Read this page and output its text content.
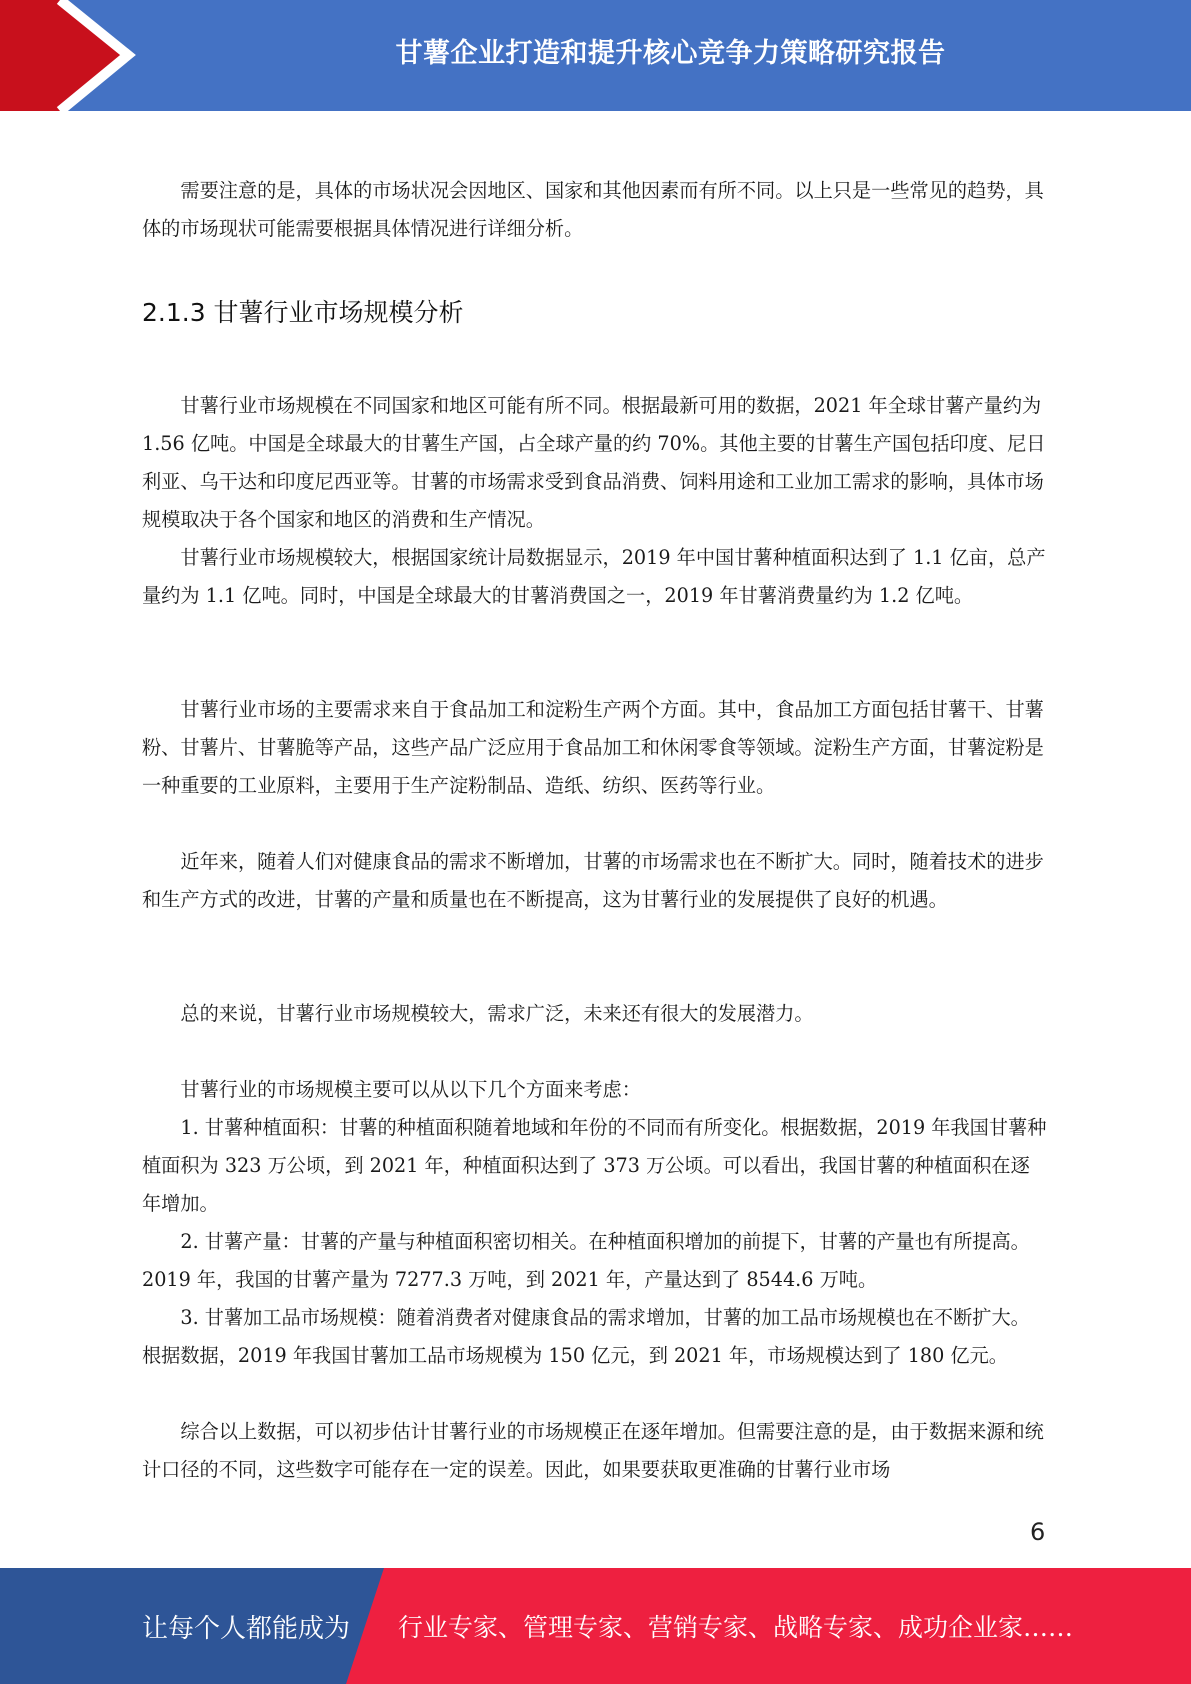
甘薯企业打造和提升核心竞争力策略研究报告

需要注意的是，具体的市场状况会因地区、国家和其他因素而有所不同。以上只是一些常见的趋势，具体的市场现状可能需要根据具体情况进行详细分析。

2.1.3 甘薯行业市场规模分析

甘薯行业市场规模在不同国家和地区可能有所不同。根据最新可用的数据，2021 年全球甘薯产量约为 1.56 亿吨。中国是全球最大的甘薯生产国，占全球产量的约 70%。其他主要的甘薯生产国包括印度、尼日利亚、乌干达和印度尼西亚等。甘薯的市场需求受到食品消费、饲料用途和工业加工需求的影响，具体市场规模取决于各个国家和地区的消费和生产情况。

甘薯行业市场规模较大，根据国家统计局数据显示，2019 年中国甘薯种植面积达到了 1.1 亿亩，总产量约为 1.1 亿吨。同时，中国是全球最大的甘薯消费国之一，2019 年甘薯消费量约为 1.2 亿吨。

甘薯行业市场的主要需求来自于食品加工和淀粉生产两个方面。其中，食品加工方面包括甘薯干、甘薯粉、甘薯片、甘薯脆等产品，这些产品广泛应用于食品加工和休闲零食等领域。淀粉生产方面，甘薯淀粉是一种重要的工业原料，主要用于生产淀粉制品、造纸、纺织、医药等行业。

近年来，随着人们对健康食品的需求不断增加，甘薯的市场需求也在不断扩大。同时，随着技术的进步和生产方式的改进，甘薯的产量和质量也在不断提高，这为甘薯行业的发展提供了良好的机遇。

总的来说，甘薯行业市场规模较大，需求广泛，未来还有很大的发展潜力。

甘薯行业的市场规模主要可以从以下几个方面来考虑：

1. 甘薯种植面积：甘薯的种植面积随着地域和年份的不同而有所变化。根据数据，2019 年我国甘薯种植面积为 323 万公顷，到 2021 年，种植面积达到了 373 万公顷。可以看出，我国甘薯的种植面积在逐年增加。

2. 甘薯产量：甘薯的产量与种植面积密切相关。在种植面积增加的前提下，甘薯的产量也有所提高。2019 年，我国的甘薯产量为 7277.3 万吨，到 2021 年，产量达到了 8544.6 万吨。

3. 甘薯加工品市场规模：随着消费者对健康食品的需求增加，甘薯的加工品市场规模也在不断扩大。根据数据，2019 年我国甘薯加工品市场规模为 150 亿元，到 2021 年，市场规模达到了 180 亿元。

综合以上数据，可以初步估计甘薯行业的市场规模正在逐年增加。但需要注意的是，由于数据来源和统计口径的不同，这些数字可能存在一定的误差。因此，如果要获取更准确的甘薯行业市场

6
让每个人都能成为 行业专家、管理专家、营销专家、战略专家、成功企业家……
